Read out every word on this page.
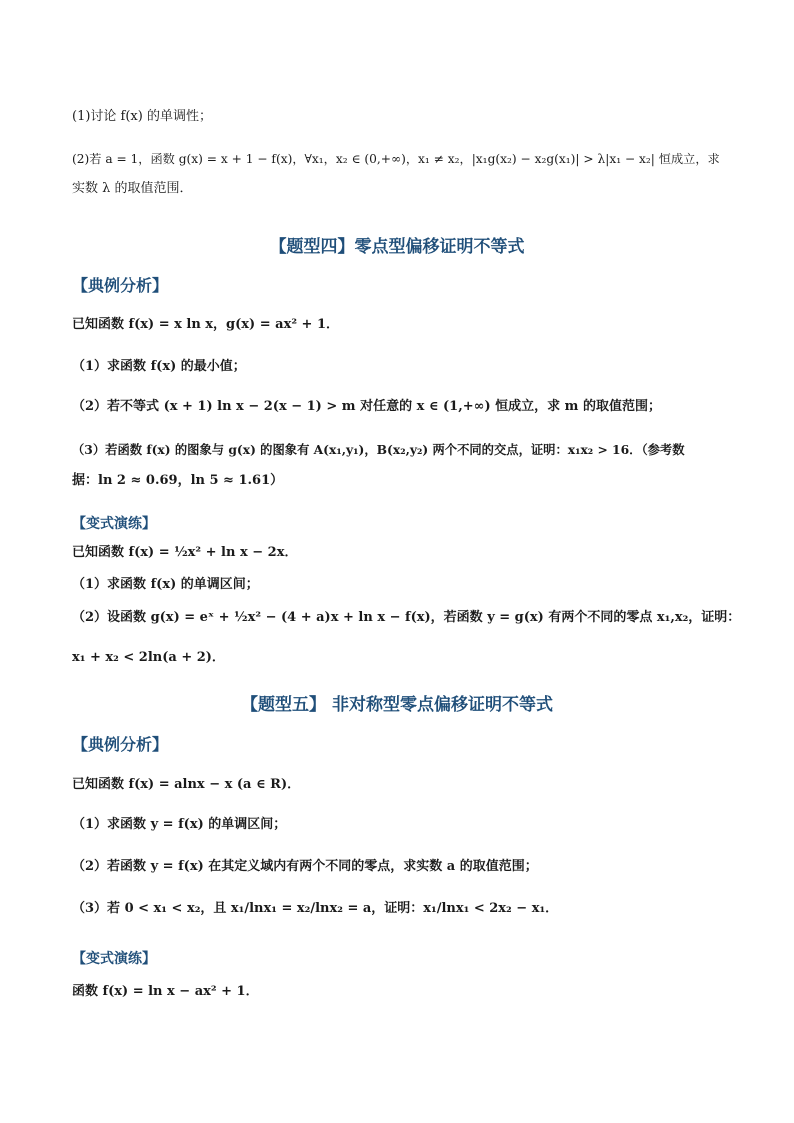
(1)讨论 f(x) 的单调性；
(2)若 a = 1，函数 g(x) = x + 1 − f(x)，∀x₁，x₂ ∈ (0,+∞)，x₁ ≠ x₂，|x₁g(x₂) − x₂g(x₁)| > λ|x₁ − x₂| 恒成立，求
实数 λ 的取值范围．
【题型四】零点型偏移证明不等式
【典例分析】
已知函数 f(x) = x ln x，g(x) = ax² + 1．
（1）求函数 f(x) 的最小值；
（2）若不等式 (x + 1) ln x − 2(x − 1) > m 对任意的 x ∈ (1,+∞) 恒成立，求 m 的取值范围；
（3）若函数 f(x) 的图象与 g(x) 的图象有 A(x₁,y₁)，B(x₂,y₂) 两个不同的交点，证明：x₁x₂ > 16．（参考数
据：ln 2 ≈ 0.69，ln 5 ≈ 1.61）
【变式演练】
已知函数 f(x) = ½x² + ln x − 2x．
（1）求函数 f(x) 的单调区间；
（2）设函数 g(x) = eˣ + ½x² − (4 + a)x + ln x − f(x)，若函数 y = g(x) 有两个不同的零点 x₁,x₂，证明：
x₁ + x₂ < 2ln(a + 2)．
【题型五】 非对称型零点偏移证明不等式
【典例分析】
已知函数 f(x) = alnx − x (a ∈ R)．
（1）求函数 y = f(x) 的单调区间；
（2）若函数 y = f(x) 在其定义域内有两个不同的零点，求实数 a 的取值范围；
（3）若 0 < x₁ < x₂，且 x₁/lnx₁ = x₂/lnx₂ = a，证明：x₁/lnx₁ < 2x₂ − x₁．
【变式演练】
函数 f(x) = ln x − ax² + 1．
